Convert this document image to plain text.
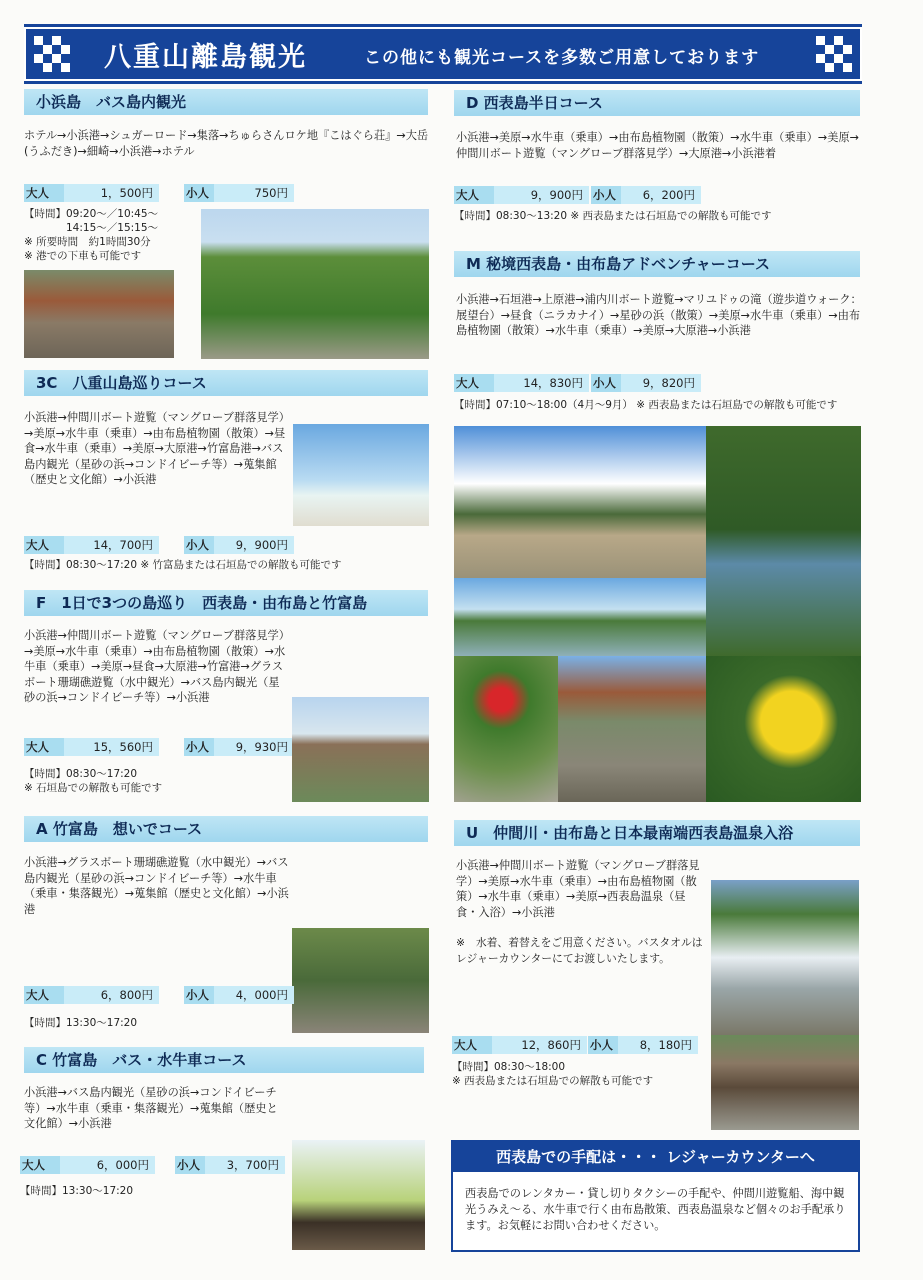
八重山離島観光	この他にも観光コースを多数ご用意しております
小浜島　バス島内観光
ホテル→小浜港→シュガーロード→集落→ちゅらさんロケ地『こはぐら荘』→大岳(うふだき)→細崎→小浜港→ホテル
大人	1，500円	小人	750円
【時間】09:20～／10:45～
　　　　14:15～／15:15～
※ 所要時間　約1時間30分
※ 港での下車も可能です
3C　八重山島巡りコース
小浜港→仲間川ボート遊覧（マングローブ群落見学）→美原→水牛車（乗車）→由布島植物園（散策）→昼食→水牛車（乗車）→美原→大原港→竹富島港→バス島内観光（星砂の浜→コンドイビーチ等）→蒐集館（歴史と文化館）→小浜港
大人	14，700円	小人	9，900円
【時間】08:30～17:20 ※ 竹富島または石垣島での解散も可能です
F　1日で3つの島巡り　西表島・由布島と竹富島
小浜港→仲間川ボート遊覧（マングローブ群落見学）→美原→水牛車（乗車）→由布島植物園（散策）→水牛車（乗車）→美原→昼食→大原港→竹富港→グラスボート珊瑚礁遊覧（水中観光）→バス島内観光（星砂の浜→コンドイビーチ等）→小浜港
大人	15，560円	小人	9，930円
【時間】08:30～17:20
※ 石垣島での解散も可能です
A 竹富島　想いでコース
小浜港→グラスボート珊瑚礁遊覧（水中観光）→バス島内観光（星砂の浜→コンドイビーチ等）→水牛車（乗車・集落観光）→蒐集館（歴史と文化館）→小浜港
大人	6，800円	小人	4，000円
【時間】13:30～17:20
C 竹富島　バス・水牛車コース
小浜港→バス島内観光（星砂の浜→コンドイビーチ等）→水牛車（乗車・集落観光）→蒐集館（歴史と文化館）→小浜港
大人	6，000円	小人	3，700円
【時間】13:30～17:20
D 西表島半日コース
小浜港→美原→水牛車（乗車）→由布島植物園（散策）→水牛車（乗車）→美原→仲間川ボート遊覧（マングローブ群落見学）→大原港→小浜港着
大人	9，900円 小人	6，200円
【時間】08:30～13:20 ※ 西表島または石垣島での解散も可能です
M 秘境西表島・由布島アドベンチャーコース
小浜港→石垣港→上原港→浦内川ボート遊覧→マリユドゥの滝（遊歩道ウォーク：展望台）→昼食（ニラカナイ）→星砂の浜（散策）→美原→水牛車（乗車）→由布島植物園（散策）→水牛車（乗車）→美原→大原港→小浜港
大人	14，830円 小人	9，820円
【時間】07:10～18:00（4月～9月） ※ 西表島または石垣島での解散も可能です
U　仲間川・由布島と日本最南端西表島温泉入浴
小浜港→仲間川ボート遊覧（マングローブ群落見学）→美原→水牛車（乗車）→由布島植物園（散策）→水牛車（乗車）→美原→西表島温泉（昼食・入浴）→小浜港
※　水着、着替えをご用意ください。バスタオルはレジャーカウンターにてお渡しいたします。
大人	12，860円 小人	8，180円
【時間】08:30～18:00
※ 西表島または石垣島での解散も可能です
西表島での手配は・・・ レジャーカウンターへ
西表島でのレンタカー・貸し切りタクシーの手配や、仲間川遊覧船、海中観光うみえ～る、水牛車で行く由布島散策、西表島温泉など個々のお手配承ります。お気軽にお問い合わせください。
